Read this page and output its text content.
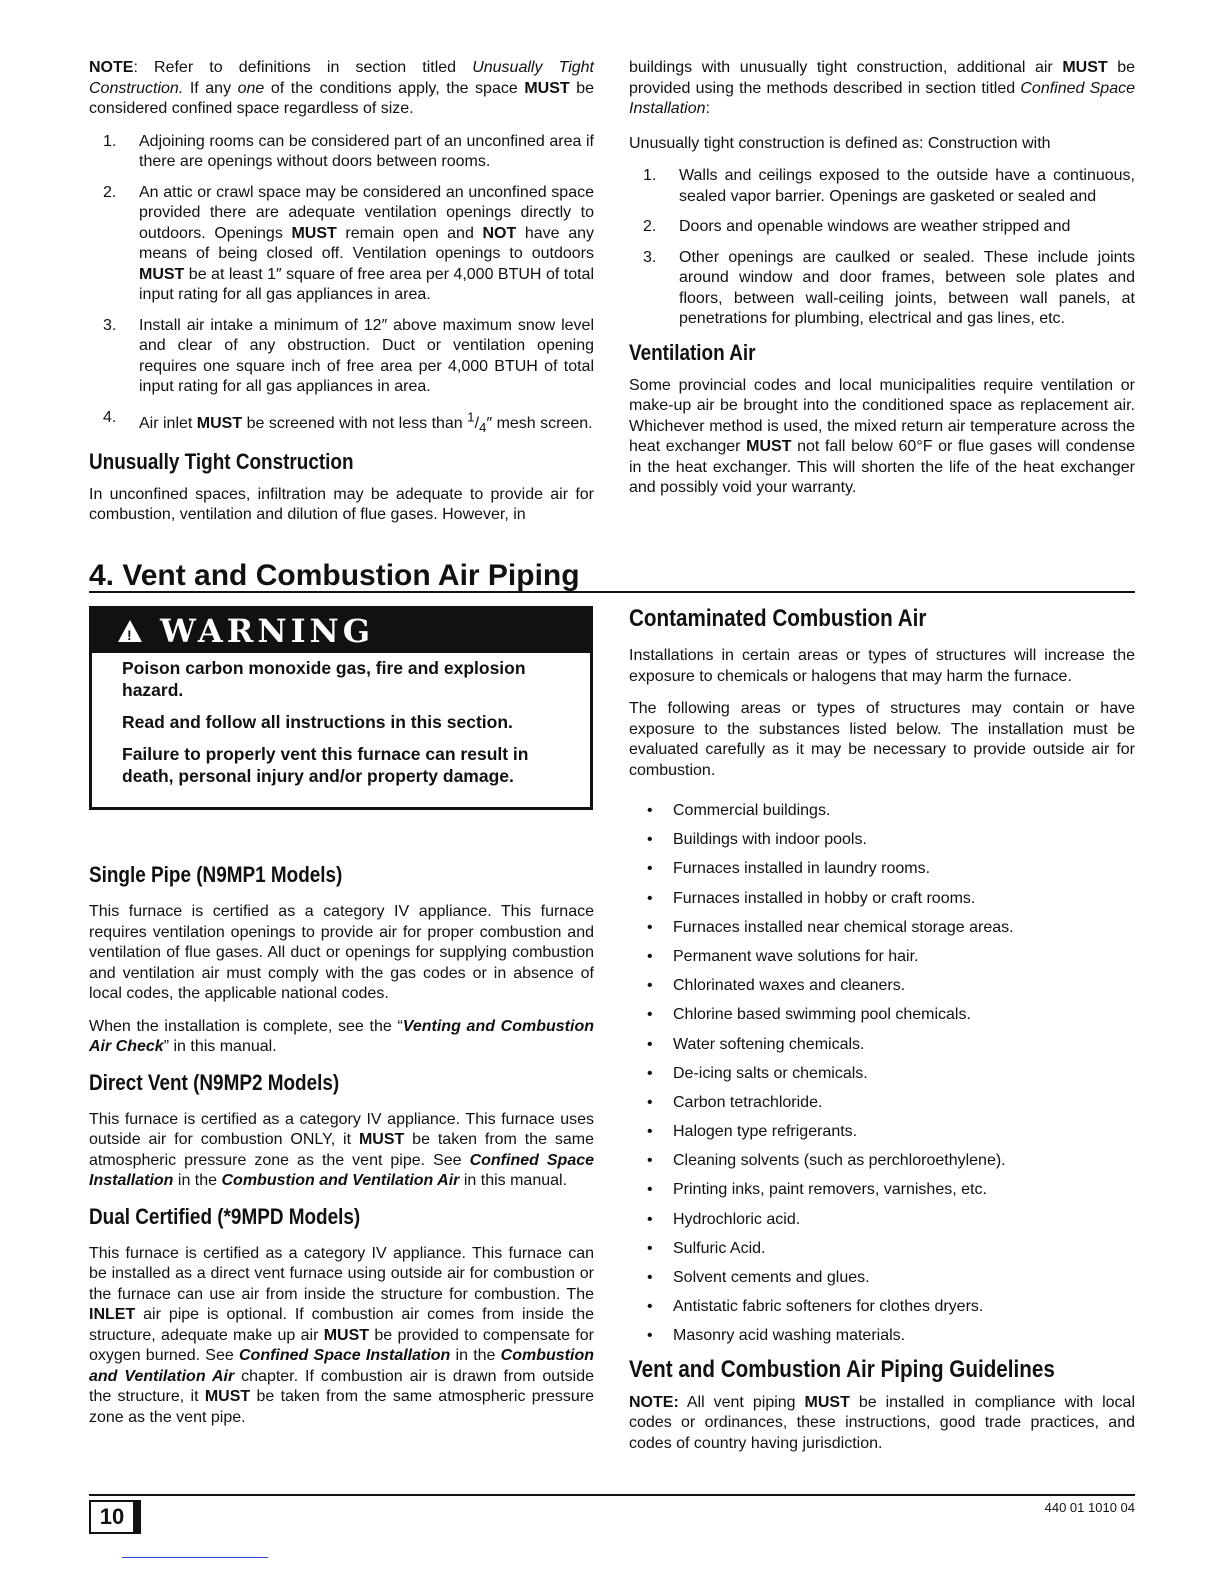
NOTE: Refer to definitions in section titled Unusually Tight Construction. If any one of the conditions apply, the space MUST be considered confined space regardless of size.

1. Adjoining rooms can be considered part of an unconfined area if there are openings without doors between rooms.
2. An attic or crawl space may be considered an unconfined space provided there are adequate ventilation openings directly to outdoors. Openings MUST remain open and NOT have any means of being closed off. Ventilation openings to outdoors MUST be at least 1″ square of free area per 4,000 BTUH of total input rating for all gas appliances in area.
3. Install air intake a minimum of 12″ above maximum snow level and clear of any obstruction. Duct or ventilation opening requires one square inch of free area per 4,000 BTUH of total input rating for all gas appliances in area.
4. Air inlet MUST be screened with not less than $^1/_4''$ mesh screen.
Unusually Tight Construction

In unconfined spaces, infiltration may be adequate to provide air for combustion, ventilation and dilution of flue gases. However, in

buildings with unusually tight construction, additional air MUST be provided using the methods described in section titled Confined Space Installation:

Unusually tight construction is defined as: Construction with

1. Walls and ceilings exposed to the outside have a continuous, sealed vapor barrier. Openings are gasketed or sealed and
2. Doors and openable windows are weather stripped and
3. Other openings are caulked or sealed. These include joints around window and door frames, between sole plates and floors, between wall-ceiling joints, between wall panels, at penetrations for plumbing, electrical and gas lines, etc.
Ventilation Air

Some provincial codes and local municipalities require ventilation or make-up air be brought into the conditioned space as replacement air. Whichever method is used, the mixed return air temperature across the heat exchanger MUST not fall below 60°F or flue gases will condense in the heat exchanger. This will shorten the life of the heat exchanger and possibly void your warranty.

4. Vent and Combustion Air Piping
! WARNING
Poison carbon monoxide gas, fire and explosion hazard.
Read and follow all instructions in this section.
Failure to properly vent this furnace can result in death, personal injury and/or property damage.
Single Pipe (N9MP1 Models)

This furnace is certified as a category IV appliance. This furnace requires ventilation openings to provide air for proper combustion and ventilation of flue gases. All duct or openings for supplying combustion and ventilation air must comply with the gas codes or in absence of local codes, the applicable national codes.

When the installation is complete, see the “Venting and Combustion Air Check” in this manual.

Direct Vent (N9MP2 Models)

This furnace is certified as a category IV appliance. This furnace uses outside air for combustion ONLY, it MUST be taken from the same atmospheric pressure zone as the vent pipe. See Confined Space Installation in the Combustion and Ventilation Air in this manual.

Dual Certified (*9MPD Models)

This furnace is certified as a category IV appliance. This furnace can be installed as a direct vent furnace using outside air for combustion or the furnace can use air from inside the structure for combustion. The INLET air pipe is optional. If combustion air comes from inside the structure, adequate make up air MUST be provided to compensate for oxygen burned. See Confined Space Installation in the Combustion and Ventilation Air chapter. If combustion air is drawn from outside the structure, it MUST be taken from the same atmospheric pressure zone as the vent pipe.

Contaminated Combustion Air

Installations in certain areas or types of structures will increase the exposure to chemicals or halogens that may harm the furnace.

The following areas or types of structures may contain or have exposure to the substances listed below. The installation must be evaluated carefully as it may be necessary to provide outside air for combustion.

• Commercial buildings.
• Buildings with indoor pools.
• Furnaces installed in laundry rooms.
• Furnaces installed in hobby or craft rooms.
• Furnaces installed near chemical storage areas.
• Permanent wave solutions for hair.
• Chlorinated waxes and cleaners.
• Chlorine based swimming pool chemicals.
• Water softening chemicals.
• De-icing salts or chemicals.
• Carbon tetrachloride.
• Halogen type refrigerants.
• Cleaning solvents (such as perchloroethylene).
• Printing inks, paint removers, varnishes, etc.
• Hydrochloric acid.
• Sulfuric Acid.
• Solvent cements and glues.
• Antistatic fabric softeners for clothes dryers.
• Masonry acid washing materials.
Vent and Combustion Air Piping Guidelines

NOTE: All vent piping MUST be installed in compliance with local codes or ordinances, these instructions, good trade practices, and codes of country having jurisdiction.

10	440 01 1010 04
